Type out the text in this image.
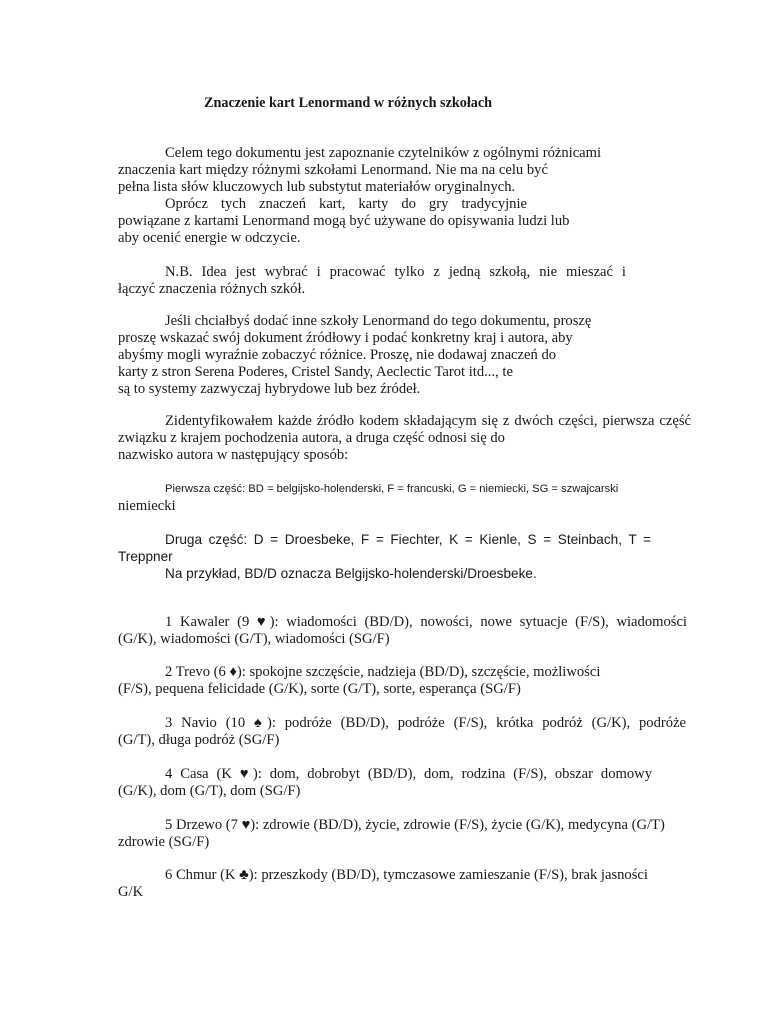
Znaczenie kart Lenormand w różnych szkołach

Celem tego dokumentu jest zapoznanie czytelników z ogólnymi różnicami

znaczenia kart między różnymi szkołami Lenormand. Nie ma na celu być

pełna lista słów kluczowych lub substytut materiałów oryginalnych.

Oprócz tych znaczeń kart, karty do gry tradycyjnie

powiązane z kartami Lenormand mogą być używane do opisywania ludzi lub

aby ocenić energie w odczycie.

N.B. Idea jest wybrać i pracować tylko z jedną szkołą, nie mieszać i

łączyć znaczenia różnych szkół.

Jeśli chciałbyś dodać inne szkoły Lenormand do tego dokumentu, proszę

proszę wskazać swój dokument źródłowy i podać konkretny kraj i autora, aby

abyśmy mogli wyraźnie zobaczyć różnice. Proszę, nie dodawaj znaczeń do

karty z stron Serena Poderes, Cristel Sandy, Aeclectic Tarot itd..., te

są to systemy zazwyczaj hybrydowe lub bez źródeł.

Zidentyfikowałem każde źródło kodem składającym się z dwóch części, pierwsza część

związku z krajem pochodzenia autora, a druga część odnosi się do

nazwisko autora w następujący sposób:

Pierwsza część: BD = belgijsko-holenderski, F = francuski, G = niemiecki, SG = szwajcarski

niemiecki

Druga część: D = Droesbeke, F = Fiechter, K = Kienle, S = Steinbach, T =

Treppner

Na przykład, BD/D oznacza Belgijsko-holenderski/Droesbeke.

1 Kawaler (9 ♥): wiadomości (BD/D), nowości, nowe sytuacje (F/S), wiadomości

(G/K), wiadomości (G/T), wiadomości (SG/F)

2 Trevo (6 ♦): spokojne szczęście, nadzieja (BD/D), szczęście, możliwości

(F/S), pequena felicidade (G/K), sorte (G/T), sorte, esperança (SG/F)

3 Navio (10 ♠): podróże (BD/D), podróże (F/S), krótka podróż (G/K), podróże

(G/T), długa podróż (SG/F)

4 Casa (K ♥): dom, dobrobyt (BD/D), dom, rodzina (F/S), obszar domowy

(G/K), dom (G/T), dom (SG/F)

5 Drzewo (7 ♥): zdrowie (BD/D), życie, zdrowie (F/S), życie (G/K), medycyna (G/T)

zdrowie (SG/F)

6 Chmur (K ♣): przeszkody (BD/D), tymczasowe zamieszanie (F/S), brak jasności

G/K
